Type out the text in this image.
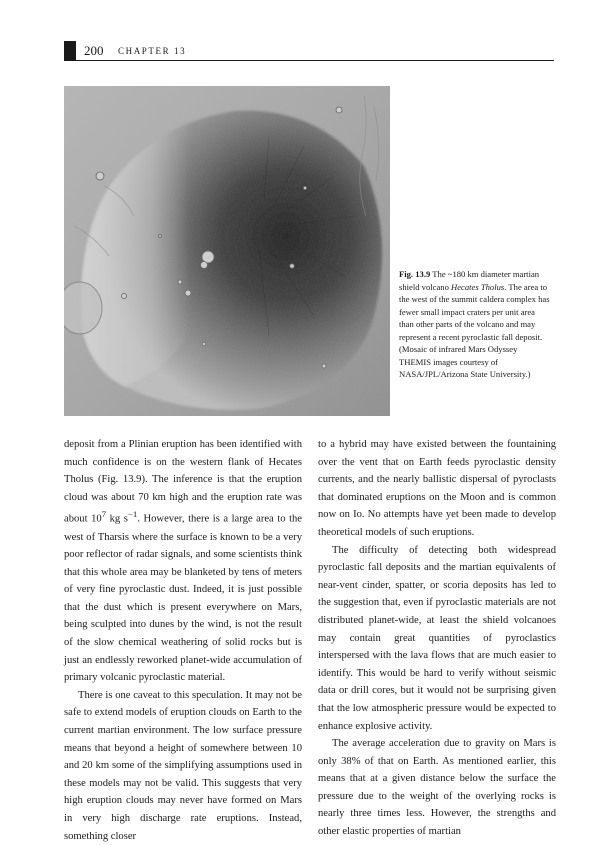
200 CHAPTER 13
Fig. 13.9 The ~180 km diameter martian shield volcano Hecates Tholus. The area to the west of the summit caldera complex has fewer small impact craters per unit area than other parts of the volcano and may represent a recent pyroclastic fall deposit. (Mosaic of infrared Mars Odyssey THEMIS images courtesy of NASA/JPL/Arizona State University.)

deposit from a Plinian eruption has been identified with much confidence is on the western flank of Hecates Tholus (Fig. 13.9). The inference is that the eruption cloud was about 70 km high and the eruption rate was about $10^7$ kg $s^{-1}$. However, there is a large area to the west of Tharsis where the surface is known to be a very poor reflector of radar signals, and some scientists think that this whole area may be blanketed by tens of meters of very fine pyroclastic dust. Indeed, it is just possible that the dust which is present everywhere on Mars, being sculpted into dunes by the wind, is not the result of the slow chemical weathering of solid rocks but is just an endlessly reworked planet-wide accumulation of primary volcanic pyroclastic material.

There is one caveat to this speculation. It may not be safe to extend models of eruption clouds on Earth to the current martian environment. The low surface pressure means that beyond a height of somewhere between 10 and 20 km some of the simplifying assumptions used in these models may not be valid. This suggests that very high eruption clouds may never have formed on Mars in very high discharge rate eruptions. Instead, something closer

to a hybrid may have existed between the fountaining over the vent that on Earth feeds pyroclastic density currents, and the nearly ballistic dispersal of pyroclasts that dominated eruptions on the Moon and is common now on Io. No attempts have yet been made to develop theoretical models of such eruptions.

The difficulty of detecting both widespread pyroclastic fall deposits and the martian equivalents of near-vent cinder, spatter, or scoria deposits has led to the suggestion that, even if pyroclastic materials are not distributed planet-wide, at least the shield volcanoes may contain great quantities of pyroclastics interspersed with the lava flows that are much easier to identify. This would be hard to verify without seismic data or drill cores, but it would not be surprising given that the low atmospheric pressure would be expected to enhance explosive activity.

The average acceleration due to gravity on Mars is only 38% of that on Earth. As mentioned earlier, this means that at a given distance below the surface the pressure due to the weight of the overlying rocks is nearly three times less. However, the strengths and other elastic properties of martian
